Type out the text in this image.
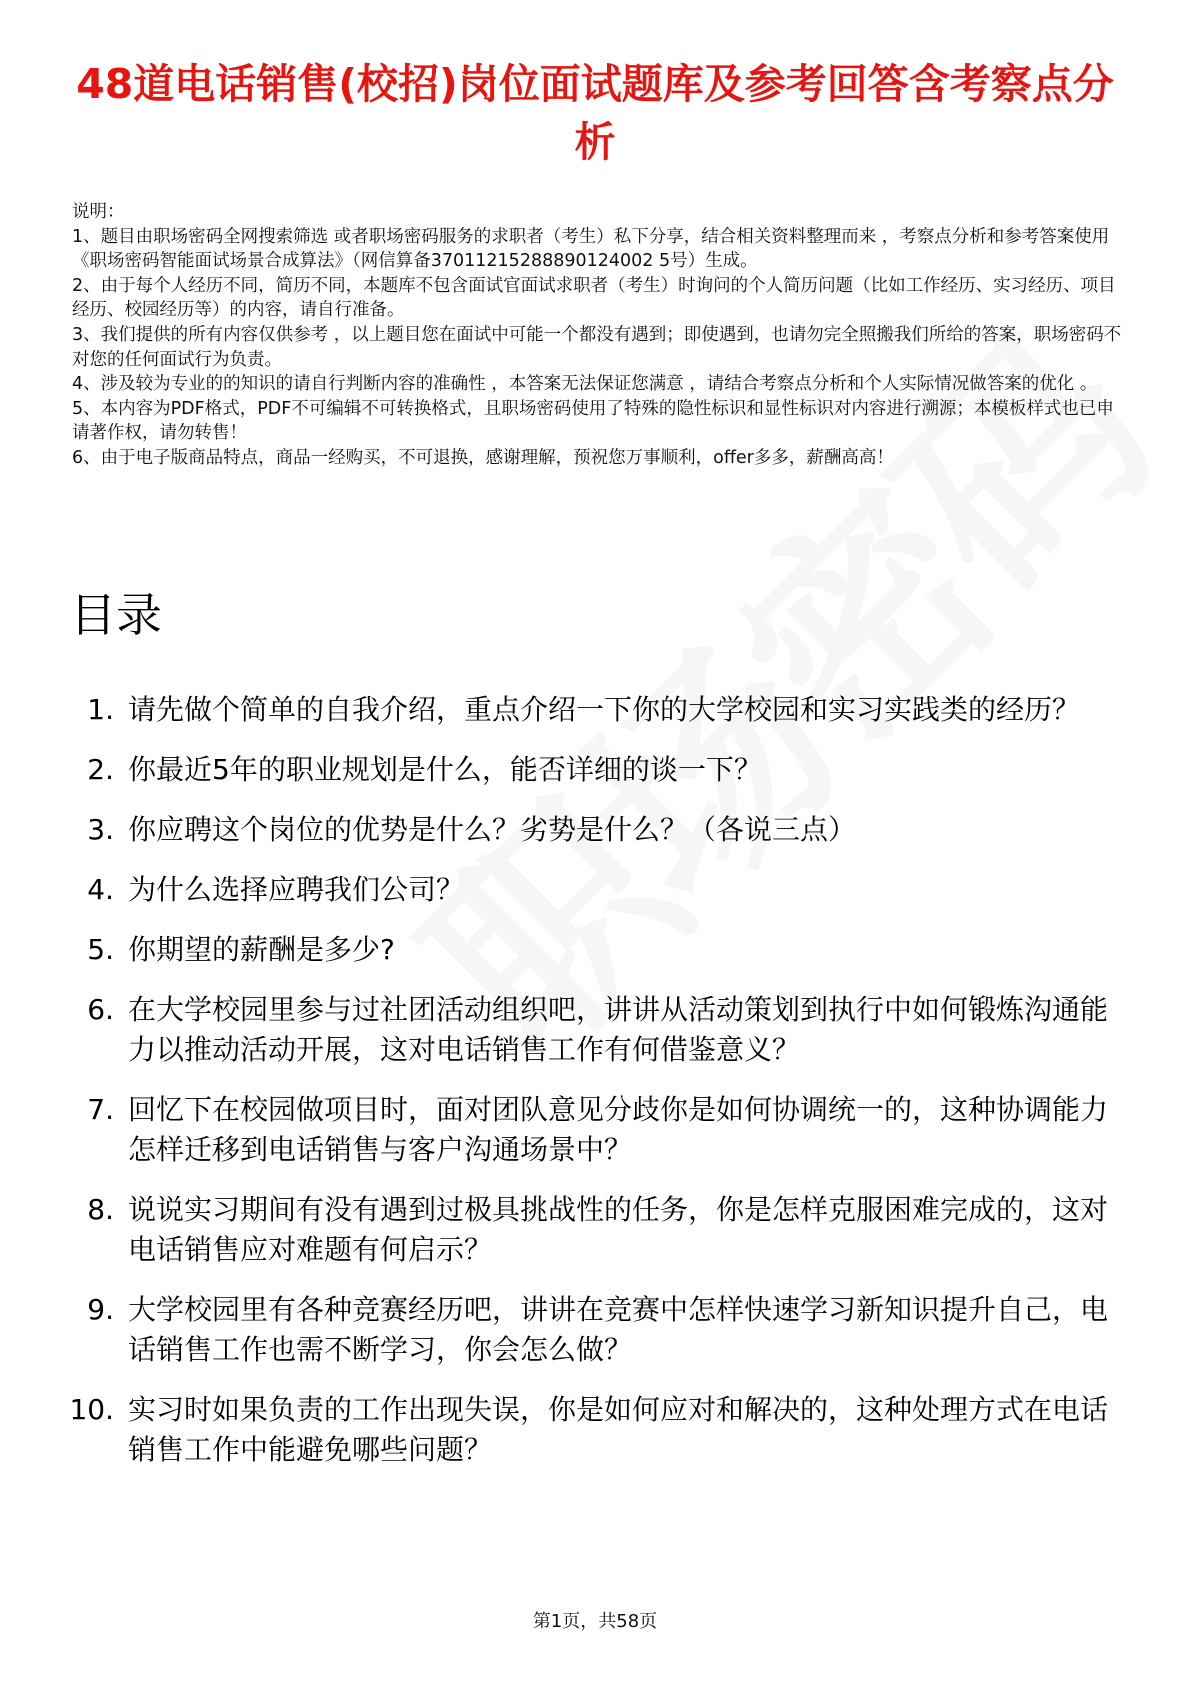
48道电话销售(校招)岗位面试题库及参考回答含考察点分析

说明：

1、题目由职场密码全网搜索筛选 或者职场密码服务的求职者（考生）私下分享，结合相关资料整理而来 ，考察点分析和参考答案使用《职场密码智能面试场景合成算法》（网信算备37011215288890124002 5号）生成。

2、由于每个人经历不同，简历不同，本题库不包含面试官面试求职者（考生）时询问的个人简历问题（比如工作经历、实习经历、项目经历、校园经历等）的内容，请自行准备。

3、我们提供的所有内容仅供参考 ，以上题目您在面试中可能一个都没有遇到；即使遇到，也请勿完全照搬我们所给的答案，职场密码不对您的任何面试行为负责。

4、涉及较为专业的的知识的请自行判断内容的准确性 ，本答案无法保证您满意 ，请结合考察点分析和个人实际情况做答案的优化 。

5、本内容为PDF格式，PDF不可编辑不可转换格式，且职场密码使用了特殊的隐性标识和显性标识对内容进行溯源；本模板样式也已申请著作权，请勿转售！

6、由于电子版商品特点，商品一经购买，不可退换，感谢理解，预祝您万事顺利，offer多多，薪酬高高！

目录
1. 请先做个简单的自我介绍，重点介绍一下你的大学校园和实习实践类的经历？
2. 你最近5年的职业规划是什么，能否详细的谈一下？
3. 你应聘这个岗位的优势是什么？劣势是什么？（各说三点）
4. 为什么选择应聘我们公司？
5. 你期望的薪酬是多少?
6. 在大学校园里参与过社团活动组织吧，讲讲从活动策划到执行中如何锻炼沟通能力以推动活动开展，这对电话销售工作有何借鉴意义？
7. 回忆下在校园做项目时，面对团队意见分歧你是如何协调统一的，这种协调能力怎样迁移到电话销售与客户沟通场景中？
8. 说说实习期间有没有遇到过极具挑战性的任务，你是怎样克服困难完成的，这对电话销售应对难题有何启示？
9. 大学校园里有各种竞赛经历吧，讲讲在竞赛中怎样快速学习新知识提升自己，电话销售工作也需不断学习，你会怎么做？
10. 实习时如果负责的工作出现失误，你是如何应对和解决的，这种处理方式在电话销售工作中能避免哪些问题？
第1页，共58页
